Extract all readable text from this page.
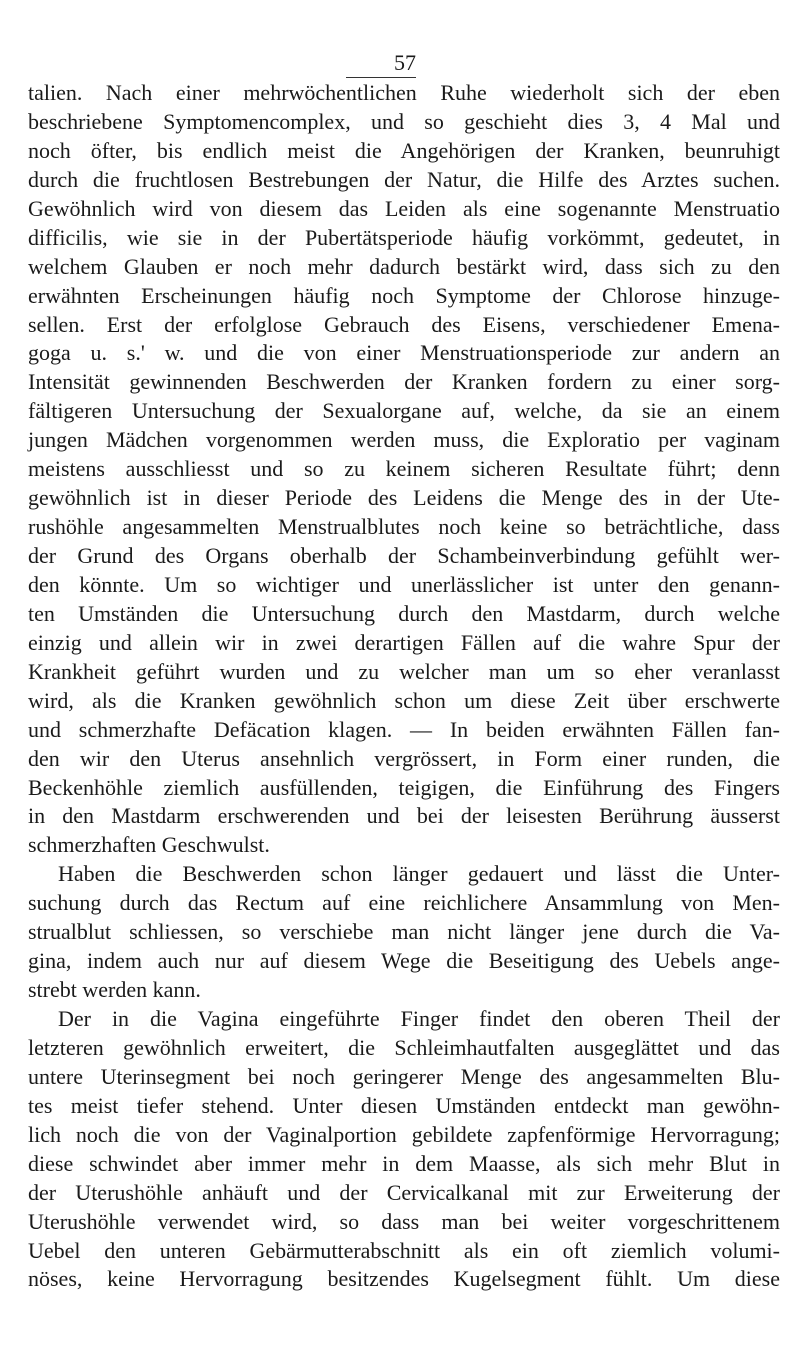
57
talien. Nach einer mehrwöchentlichen Ruhe wiederholt sich der eben
beschriebene Symptomencomplex, und so geschieht dies 3, 4 Mal und
noch öfter, bis endlich meist die Angehörigen der Kranken, beunruhigt
durch die fruchtlosen Bestrebungen der Natur, die Hilfe des Arztes suchen.
Gewöhnlich wird von diesem das Leiden als eine sogenannte Menstruatio
difficilis, wie sie in der Pubertätsperiode häufig vorkömmt, gedeutet, in
welchem Glauben er noch mehr dadurch bestärkt wird, dass sich zu den
erwähnten Erscheinungen häufig noch Symptome der Chlorose hinzuge-
sellen. Erst der erfolglose Gebrauch des Eisens, verschiedener Emena-
goga u. s.' w. und die von einer Menstruationsperiode zur andern an
Intensität gewinnenden Beschwerden der Kranken fordern zu einer sorg-
fältigeren Untersuchung der Sexualorgane auf, welche, da sie an einem
jungen Mädchen vorgenommen werden muss, die Exploratio per vaginam
meistens ausschliesst und so zu keinem sicheren Resultate führt; denn
gewöhnlich ist in dieser Periode des Leidens die Menge des in der Ute-
rushöhle angesammelten Menstrualblutes noch keine so beträchtliche, dass
der Grund des Organs oberhalb der Schambeinverbindung gefühlt wer-
den könnte. Um so wichtiger und unerlässlicher ist unter den genann-
ten Umständen die Untersuchung durch den Mastdarm, durch welche
einzig und allein wir in zwei derartigen Fällen auf die wahre Spur der
Krankheit geführt wurden und zu welcher man um so eher veranlasst
wird, als die Kranken gewöhnlich schon um diese Zeit über erschwerte
und schmerzhafte Defäcation klagen. — In beiden erwähnten Fällen fan-
den wir den Uterus ansehnlich vergrössert, in Form einer runden, die
Beckenhöhle ziemlich ausfüllenden, teigigen, die Einführung des Fingers
in den Mastdarm erschwerenden und bei der leisesten Berührung äusserst
schmerzhaften Geschwulst.
Haben die Beschwerden schon länger gedauert und lässt die Unter-
suchung durch das Rectum auf eine reichlichere Ansammlung von Men-
strualblut schliessen, so verschiebe man nicht länger jene durch die Va-
gina, indem auch nur auf diesem Wege die Beseitigung des Uebels ange-
strebt werden kann.
Der in die Vagina eingeführte Finger findet den oberen Theil der
letzteren gewöhnlich erweitert, die Schleimhautfalten ausgeglättet und das
untere Uterinsegment bei noch geringerer Menge des angesammelten Blu-
tes meist tiefer stehend. Unter diesen Umständen entdeckt man gewöhn-
lich noch die von der Vaginalportion gebildete zapfenförmige Hervorragung;
diese schwindet aber immer mehr in dem Maasse, als sich mehr Blut in
der Uterushöhle anhäuft und der Cervicalkanal mit zur Erweiterung der
Uterushöhle verwendet wird, so dass man bei weiter vorgeschrittenem
Uebel den unteren Gebärmutterabschnitt als ein oft ziemlich volumi-
nöses, keine Hervorragung besitzendes Kugelsegment fühlt. Um diese
